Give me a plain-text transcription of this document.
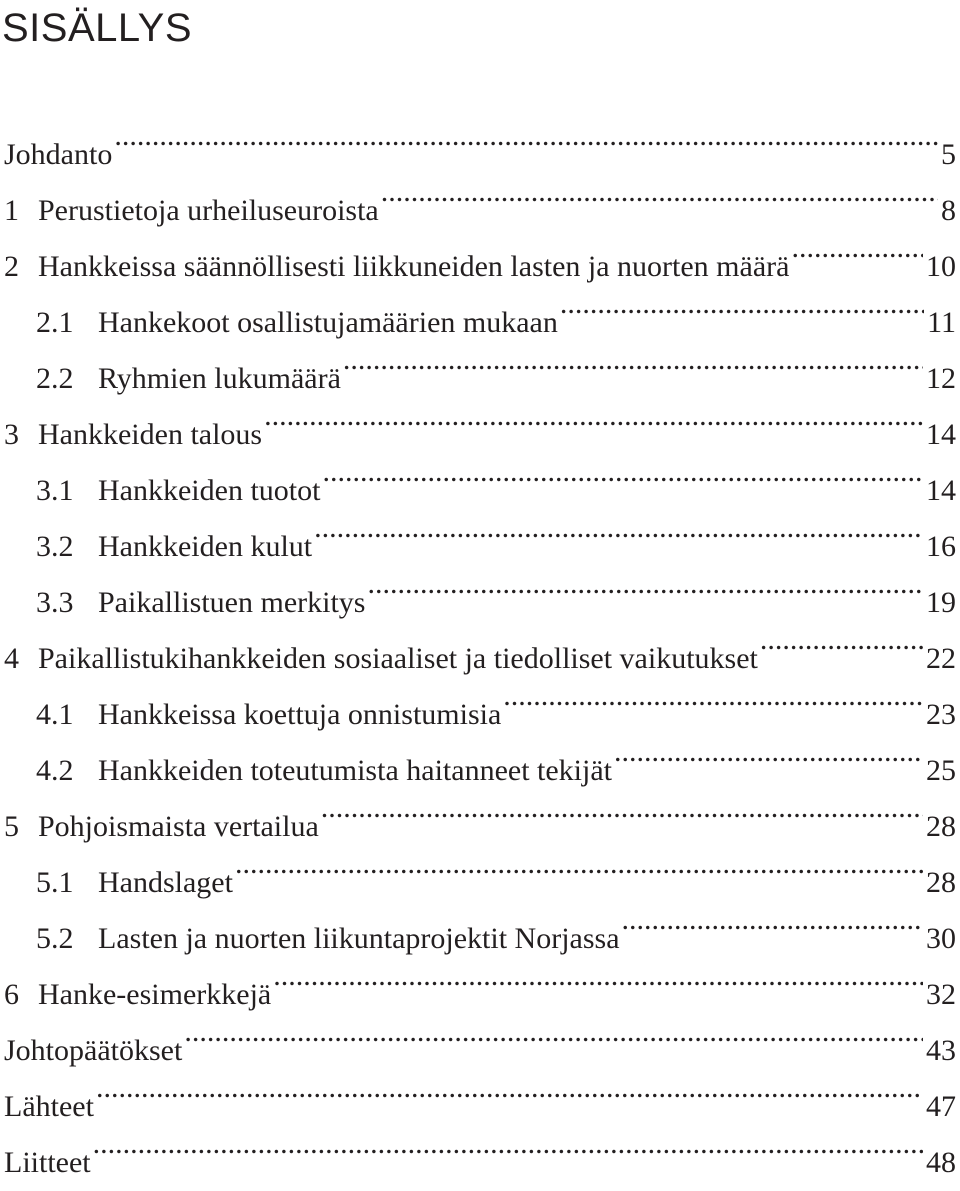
SISÄLLYS
Johdanto .....	5
1 Perustietoja urheiluseuroista .....	8
2 Hankkeissa säännöllisesti liikkuneiden lasten ja nuorten määrä .....	10
2.1 Hankekoot osallistujamäärien mukaan .....	11
2.2 Ryhmien lukumäärä .....	12
3 Hankkeiden talous .....	14
3.1 Hankkeiden tuotot .....	14
3.2 Hankkeiden kulut .....	16
3.3 Paikallistuen merkitys .....	19
4 Paikallistukihankkeiden sosiaaliset ja tiedolliset vaikutukset .....	22
4.1 Hankkeissa koettuja onnistumisia .....	23
4.2 Hankkeiden toteutumista haitanneet tekijät .....	25
5 Pohjoismaista vertailua .....	28
5.1 Handslaget .....	28
5.2 Lasten ja nuorten liikuntaprojektit Norjassa .....	30
6 Hanke-esimerkkejä .....	32
Johtopäätökset .....	43
Lähteet .....	47
Liitteet .....	48
